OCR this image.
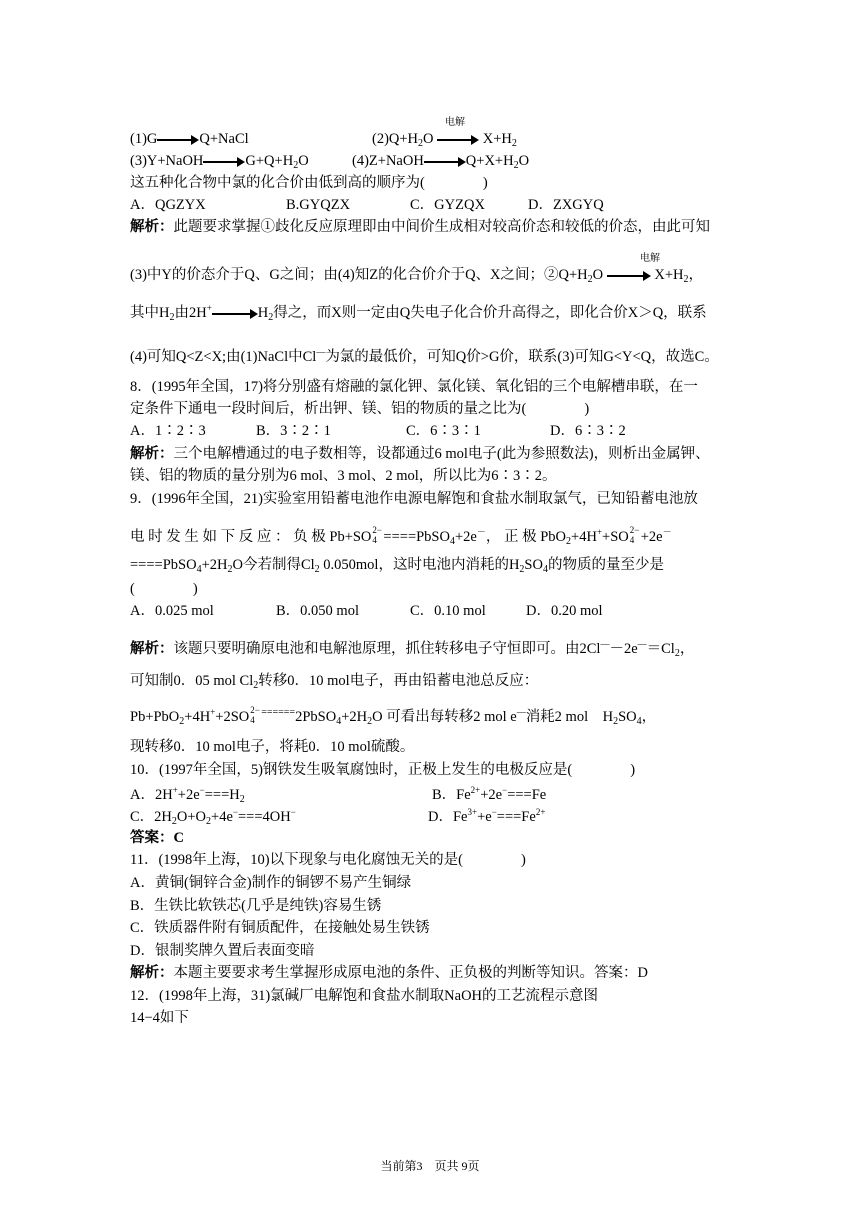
电解
(1)G	Q+NaCl	$(2)Q+H_2O$	$X+H_2$
(3)Y+NaOH	$G+Q+H_2O$	(4)Z+NaOH	$Q+X+H_2O$
这五种化合物中氯的化合价由低到高的顺序为(　　　　)
A．QGZYX	B.GYQZX	C．GYZQX	D．ZXGYQ
解析：此题要求掌握①歧化反应原理即由中间价生成相对较高价态和较低的价态，由此可知
电解
(3)中Y的价态介于Q、G之间；由(4)知Z的化合价介于Q、X之间；$②Q+H_2O$	$X+H_2$，
其中$H_2$由2H+	$H_2$得之，而X则一定由Q失电子化合价升高得之，即化合价X＞Q，联系
(4)可知Q<Z<X;由(1)NaCl中Cl—为氯的最低价，可知Q价>G价，联系(3)可知G<Y<Q，故选C。
8．(1995年全国，17)将分别盛有熔融的氯化钾、氯化镁、氧化铝的三个电解槽串联，在一
定条件下通电一段时间后，析出钾、镁、铝的物质的量之比为(　　　　)
A．1∶2∶3	B．3∶2∶1	C．6∶3∶1	D．6∶3∶2
解析：三个电解槽通过的电子数相等，设都通过6 mol电子(此为参照数法)，则析出金属钾、
镁、铝的物质的量分别为6 mol、3 mol、2 mol，所以比为6∶3∶2。
9．(1996年全国，21)实验室用铅蓄电池作电源电解饱和食盐水制取氯气，已知铅蓄电池放
电 时 发 生 如 下 反 应 ： 负 极 Pb+SO 2−
4 ====PbSO$_4$+2e－， 正 极 PbO$_2$+4H++SO 2−
4 +2e－
$====PbSO_4+2H_2O$今若制得$Cl_2$ 0.050mol，这时电池内消耗的$H_2SO_4$的物质的量至少是
(　　　　)
A．0.025 mol	B．0.050 mol	C．0.10 mol	D．0.20 mol
解析：该题只要明确原电池和电解池原理，抓住转移电子守恒即可。由$2Cl^—-2e^—=Cl_2$，
可知制0．05 mol $Cl_2$转移0．10 mol电子，再由铅蓄电池总反应：
Pb+PbO$_2$+4H++2SO 2−
4
$^{======}2PbSO_4+2H_2O$ 可看出每转移2 mol e—消耗2 mol　$H_2SO_4$，
现转移0．10 mol电子，将耗0．10 mol硫酸。
10．(1997年全国，5)钢铁发生吸氧腐蚀时，正极上发生的电极反应是(　　　　)
A．$2H^++2e^-===H_2$	B．$Fe^{2+}+2e^-===Fe$
C．$2H_2O+O_2+4e^-===4OH^-$	D．$Fe^{3+}+e^-===Fe^{2+}$
答案：C
11．(1998年上海，10)以下现象与电化腐蚀无关的是(　　　　)
A．黄铜(铜锌合金)制作的铜锣不易产生铜绿
B．生铁比软铁芯(几乎是纯铁)容易生锈
C．铁质器件附有铜质配件，在接触处易生铁锈
D．银制奖牌久置后表面变暗
解析：本题主要要求考生掌握形成原电池的条件、正负极的判断等知识。答案：D
12．(1998年上海，31)氯碱厂电解饱和食盐水制取NaOH的工艺流程示意图
14−4如下
当前第3　页共 9页
